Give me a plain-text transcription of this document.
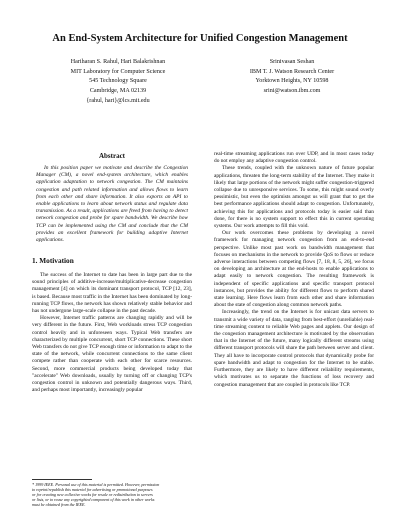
An End-System Architecture for Unified Congestion Management
Hariharan S. Rahul, Hari Balakrishnan
MIT Laboratory for Computer Science
545 Technology Square
Cambridge, MA 02139
{rahul, hari}@lcs.mit.edu
Srinivasan Seshan
IBM T. J. Watson Research Center
Yorktown Heights, NY 10598
srini@watson.ibm.com
Abstract

In this position paper we motivate and describe the Congestion Manager (CM), a novel end-system architecture, which enables application adaptation to network congestion. The CM maintains congestion and path related information and allows flows to learn from each other and share information. It also exports an API to enable applications to learn about network status and regulate data transmission. As a result, applications are freed from having to detect network congestion and probe for spare bandwidth. We describe how TCP can be implemented using the CM and conclude that the CM provides an excellent framework for building adaptive Internet applications.

1. Motivation

The success of the Internet to date has been in large part due to the sound principles of additive-increase/multiplicative-decrease congestion management [4] on which its dominant transport protocol, TCP [12, 23], is based. Because most traffic in the Internet has been dominated by long-running TCP flows, the network has shown relatively stable behavior and has not undergone large-scale collapse in the past decade.

However, Internet traffic patterns are changing rapidly and will be very different in the future. First, Web workloads stress TCP congestion control heavily and in unforeseen ways. Typical Web transfers are characterized by multiple concurrent, short TCP connections. These short Web transfers do not give TCP enough time or information to adapt to the state of the network, while concurrent connections to the same client compete rather than cooperate with each other for scarce resources. Second, more commercial products being developed today that "accelerate" Web downloads, usually by turning off or changing TCP's congestion control in unknown and potentially dangerous ways. Third, and perhaps most importantly, increasingly popular

real-time streaming applications run over UDP, and in most cases today do not employ any adaptive congestion control.

These trends, coupled with the unknown nature of future popular applications, threaten the long-term stability of the Internet. They make it likely that large portions of the network might suffer congestion-triggered collapse due to unresponsive services. To some, this might sound overly pessimistic, but even the optimists amongst us will grant that to get the best performance applications should adapt to congestion. Unfortunately, achieving this for applications and protocols today is easier said than done, for there is no system support to effect this in current operating systems. Our work attempts to fill this void.

Our work overcomes these problems by developing a novel framework for managing network congestion from an end-to-end perspective. Unlike most past work on bandwidth management that focuses on mechanisms in the network to provide QoS to flows or reduce adverse interactions between competing flows [7, 18, 8, 5, 26], we focus on developing an architecture at the end-hosts to enable applications to adapt easily to network congestion. The resulting framework is independent of specific applications and specific transport protocol instances, but provides the ability for different flows to perform shared state learning. Here flows learn from each other and share information about the state of congestion along common network paths.

Increasingly, the trend on the Internet is for unicast data servers to transmit a wide variety of data, ranging from best-effort (unreliable) real-time streaming content to reliable Web pages and applets. Our design of the congestion management architecture is motivated by the observation that in the Internet of the future, many logically different streams using different transport protocols will share the path between server and client. They all have to incorporate control protocols that dynamically probe for spare bandwidth and adapt to congestion for the Internet to be stable. Furthermore, they are likely to have different reliability requirements, which motivates us to separate the functions of loss recovery and congestion management that are coupled in protocols like TCP.

* 1999 IEEE. Personal use of this material is permitted. However, permission
to reprint/republish this material for advertising or promotional purposes
or for creating new collective works for resale or redistribution to servers
or lists, or to reuse any copyrighted component of this work in other works
must be obtained from the IEEE.
